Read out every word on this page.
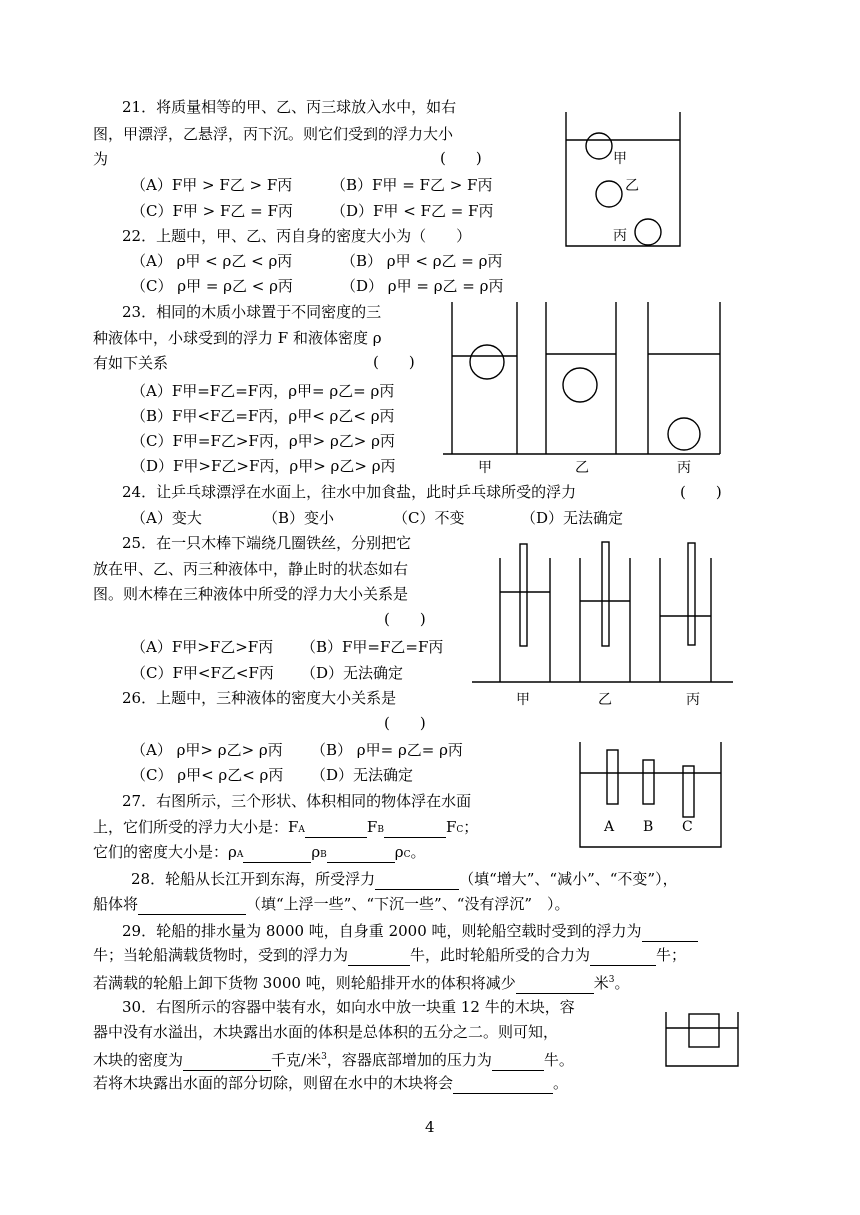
甲
乙
丙
甲	乙	丙
甲	乙	丙
A B C
21．将质量相等的甲、乙、丙三球放入水中，如右
图，甲漂浮，乙悬浮，丙下沉。则它们受到的浮力大小
为	(　　)
（A）F甲 > F乙 > F丙	（B）F甲 = F乙 > F丙
（C）F甲 > F乙 = F丙	（D）F甲 < F乙 = F丙
22．上题中，甲、乙、丙自身的密度大小为（　　）
（A） ρ甲 < ρ乙 < ρ丙	（B） ρ甲 < ρ乙 = ρ丙
（C） ρ甲 = ρ乙 < ρ丙	（D） ρ甲 = ρ乙 = ρ丙
23．相同的木质小球置于不同密度的三
种液体中，小球受到的浮力 F 和液体密度 ρ
有如下关系	(　　)
（A）F甲=F乙=F丙，ρ甲= ρ乙= ρ丙
（B）F甲<F乙=F丙，ρ甲< ρ乙< ρ丙
（C）F甲=F乙>F丙，ρ甲> ρ乙> ρ丙
（D）F甲>F乙>F丙，ρ甲> ρ乙> ρ丙
24．让乒乓球漂浮在水面上，往水中加食盐，此时乒乓球所受的浮力	(　　)
（A）变大	（B）变小	（C）不变	（D）无法确定
25．在一只木棒下端绕几圈铁丝，分别把它
放在甲、乙、丙三种液体中，静止时的状态如右
图。则木棒在三种液体中所受的浮力大小关系是
(　　)
（A）F甲>F乙>F丙 （B）F甲=F乙=F丙
（C）F甲<F乙<F丙 （D）无法确定
26．上题中，三种液体的密度大小关系是
(　　)
（A） ρ甲> ρ乙> ρ丙 （B） ρ甲= ρ乙= ρ丙
（C） ρ甲< ρ乙< ρ丙 （D）无法确定
27．右图所示，三个形状、体积相同的物体浮在水面
上，它们所受的浮力大小是：FA	FB	FC；
它们的密度大小是：ρA	ρB	ρC。
28．轮船从长江开到东海，所受浮力	（填“增大”、“减小”、“不变”），
船体将	（填“上浮一些”、“下沉一些”、“没有浮沉”　）。
29．轮船的排水量为 8000 吨，自身重 2000 吨，则轮船空载时受到的浮力为
牛；当轮船满载货物时，受到的浮力为	牛，此时轮船所受的合力为	牛；
若满载的轮船上卸下货物 3000 吨，则轮船排开水的体积将减少	米$^3$。
30．右图所示的容器中装有水，如向水中放一块重 12 牛的木块，容
器中没有水溢出，木块露出水面的体积是总体积的五分之二。则可知，
木块的密度为	千克/米$^3$，容器底部增加的压力为	牛。
若将木块露出水面的部分切除，则留在水中的木块将会	。
4
